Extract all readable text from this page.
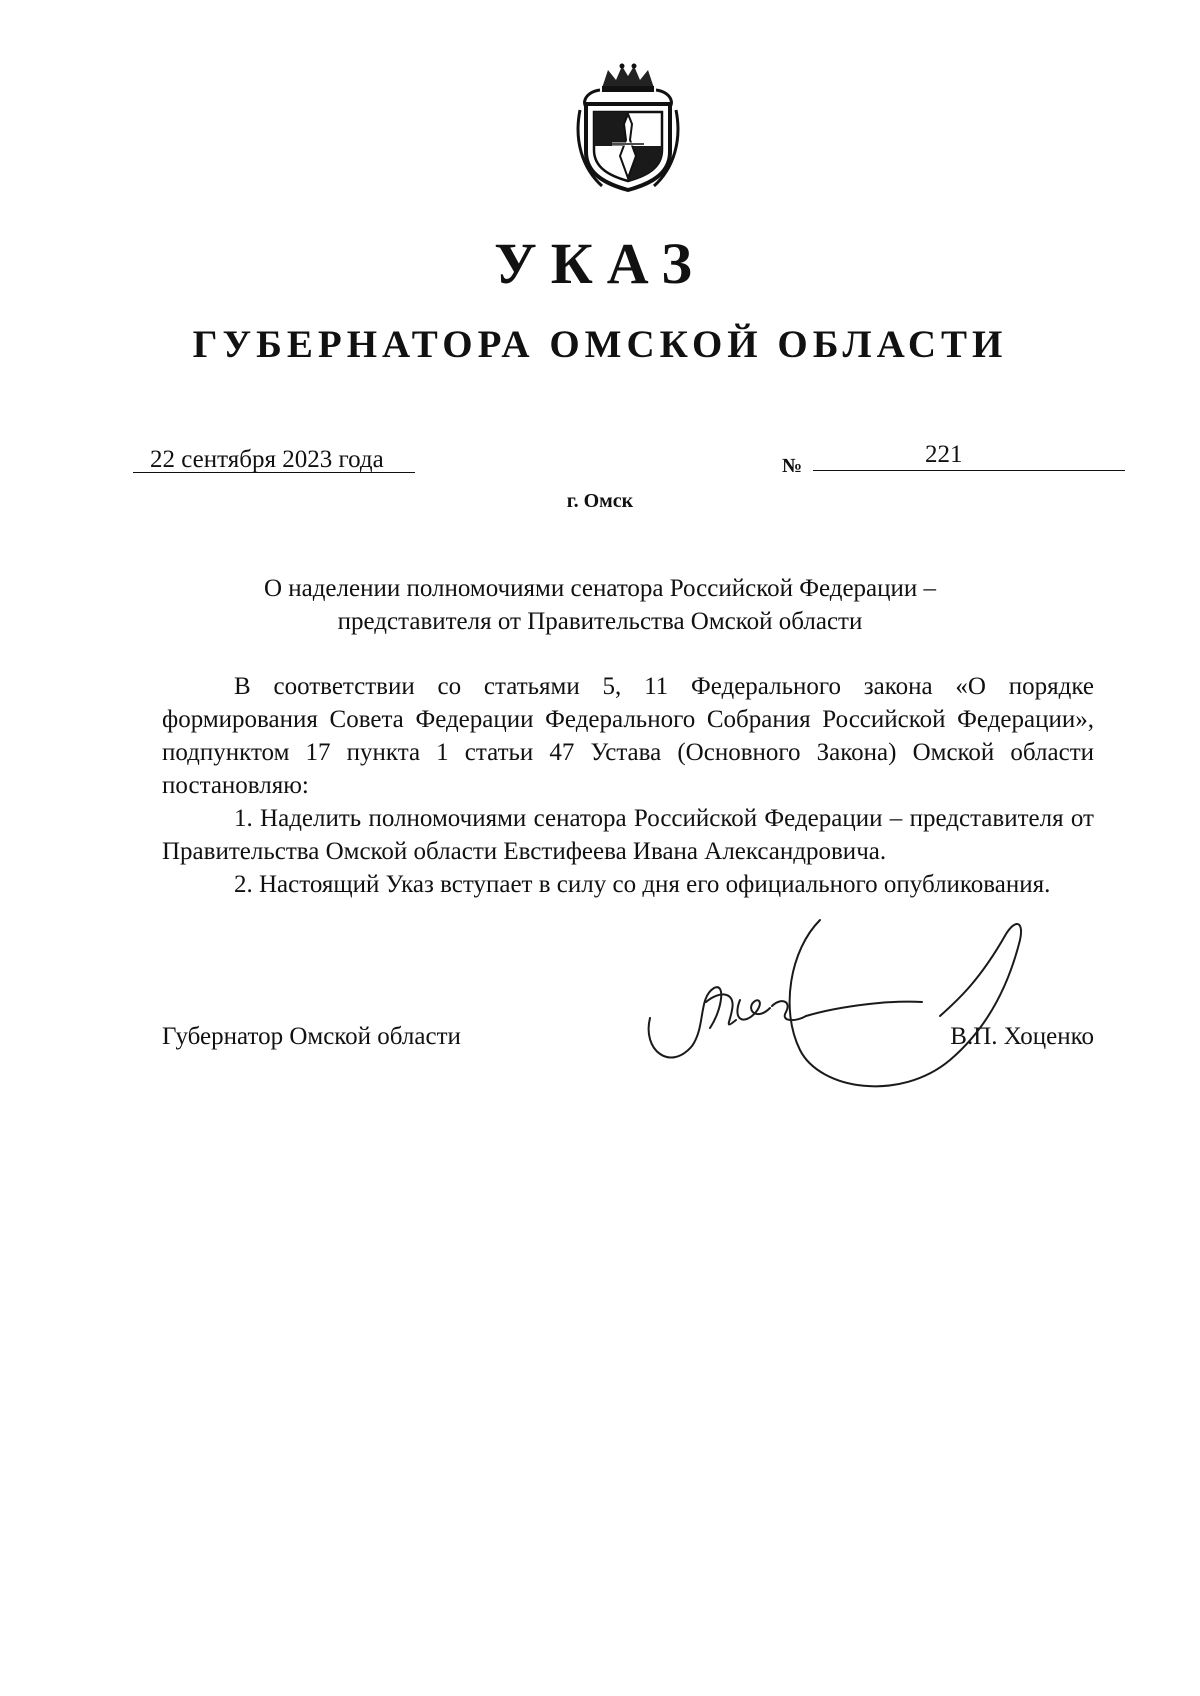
УКАЗ
ГУБЕРНАТОРА ОМСКОЙ ОБЛАСТИ
22 сентября 2023 года	№	221
г. Омск
О наделении полномочиями сенатора Российской Федерации –
представителя от Правительства Омской области

В соответствии со статьями 5, 11 Федерального закона «О порядке формирования Совета Федерации Федерального Собрания Российской Федерации», подпунктом 17 пункта 1 статьи 47 Устава (Основного Закона) Омской области постановляю:

1. Наделить полномочиями сенатора Российской Федерации – представителя от Правительства Омской области Евстифеева Ивана Александровича.

2. Настоящий Указ вступает в силу со дня его официального опубликования.

Губернатор Омской области	В.П. Хоценко
